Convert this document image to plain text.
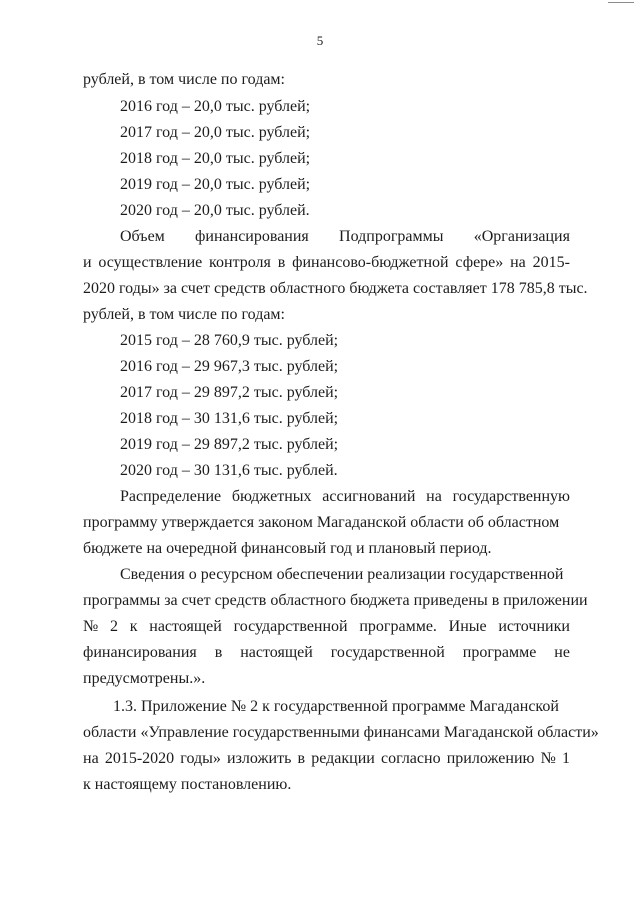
5
рублей, в том числе по годам:
2016 год – 20,0 тыс. рублей;
2017 год – 20,0 тыс. рублей;
2018 год – 20,0 тыс. рублей;
2019 год – 20,0 тыс. рублей;
2020 год – 20,0 тыс. рублей.
Объем финансирования Подпрограммы «Организация
и осуществление контроля в финансово-бюджетной сфере» на 2015-
2020 годы» за счет средств областного бюджета составляет 178 785,8 тыс.
рублей, в том числе по годам:
2015 год – 28 760,9 тыс. рублей;
2016 год – 29 967,3 тыс. рублей;
2017 год – 29 897,2 тыс. рублей;
2018 год – 30 131,6 тыс. рублей;
2019 год – 29 897,2 тыс. рублей;
2020 год – 30 131,6 тыс. рублей.
Распределение бюджетных ассигнований на государственную
программу утверждается законом Магаданской области об областном
бюджете на очередной финансовый год и плановый период.
Сведения о ресурсном обеспечении реализации государственной
программы за счет средств областного бюджета приведены в приложении
№ 2 к настоящей государственной программе. Иные источники
финансирования в настоящей государственной программе не
предусмотрены.».
1.3. Приложение № 2 к государственной программе Магаданской
области «Управление государственными финансами Магаданской области»
на 2015-2020 годы» изложить в редакции согласно приложению № 1
к настоящему постановлению.
